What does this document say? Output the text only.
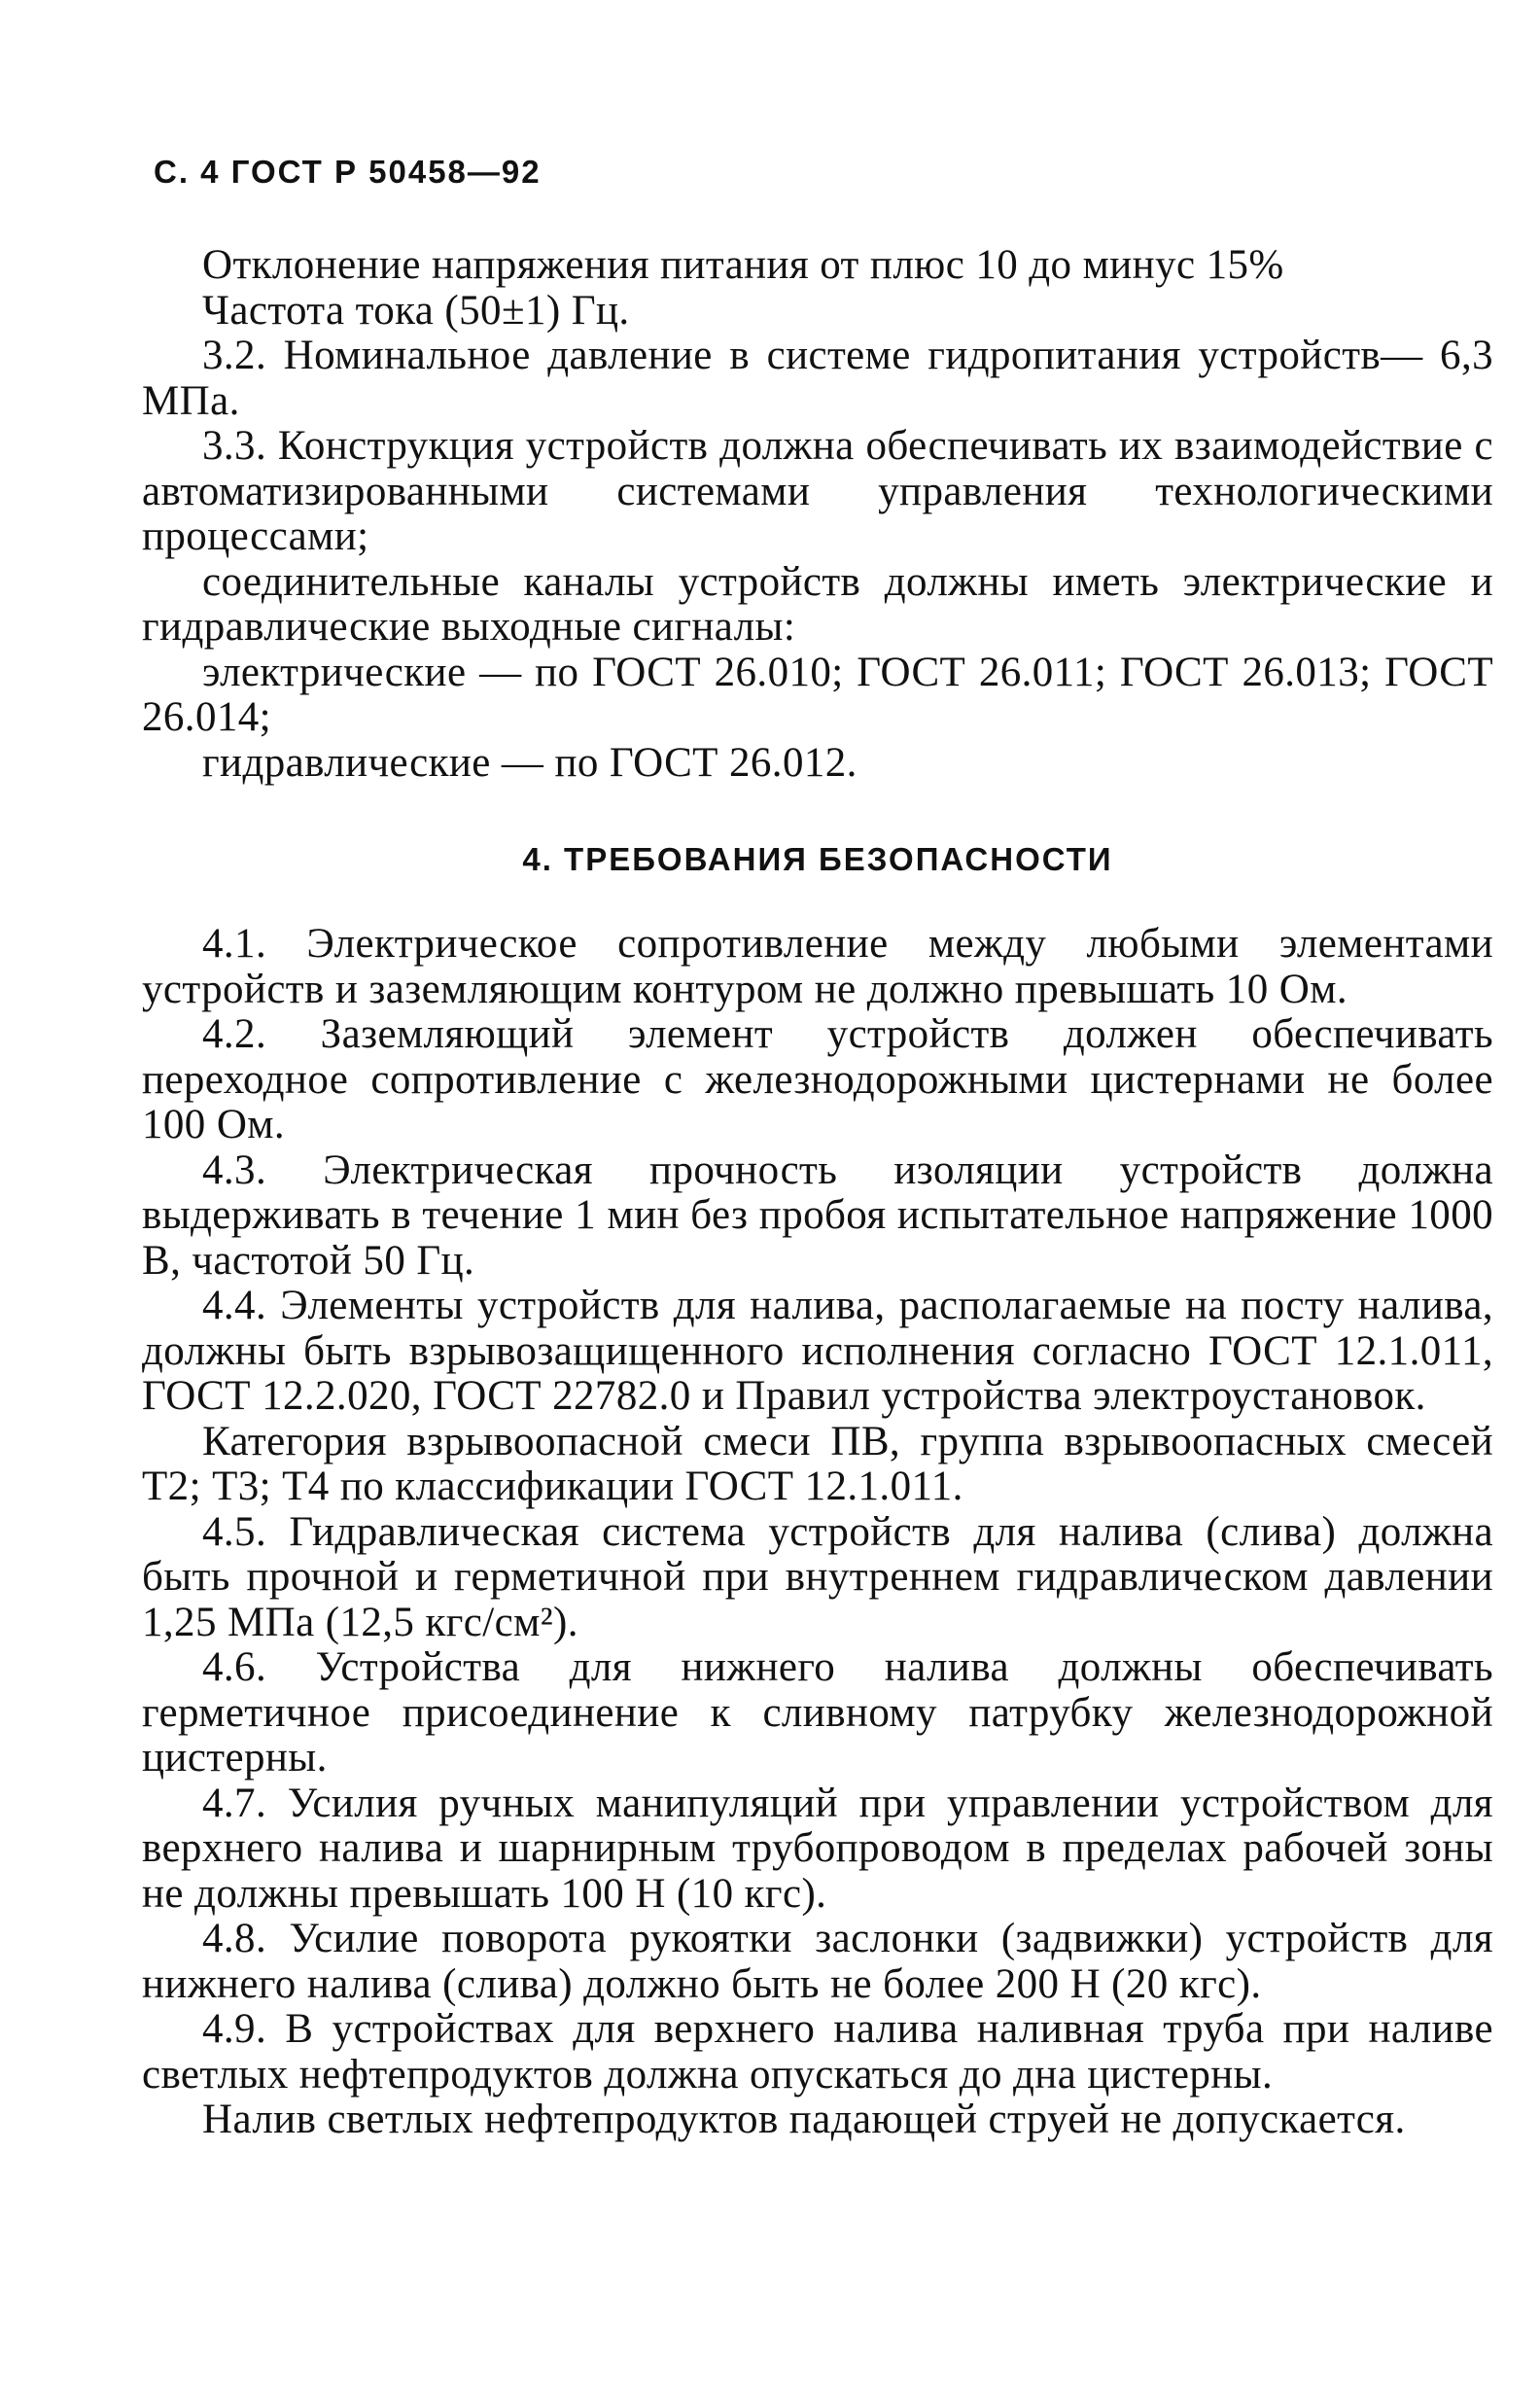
С. 4 ГОСТ Р 50458—92

Отклонение напряжения питания от плюс 10 до минус 15%

Частота тока (50±1) Гц.

3.2. Номинальное давление в системе гидропитания устройств— 6,3 МПа.

3.3. Конструкция устройств должна обеспечивать их взаимодействие с автоматизированными системами управления технологическими процессами;

соединительные каналы устройств должны иметь электрические и гидравлические выходные сигналы:

электрические — по ГОСТ 26.010; ГОСТ 26.011; ГОСТ 26.013; ГОСТ 26.014;

гидравлические — по ГОСТ 26.012.

4. ТРЕБОВАНИЯ БЕЗОПАСНОСТИ

4.1. Электрическое сопротивление между любыми элементами устройств и заземляющим контуром не должно превышать 10 Ом.

4.2. Заземляющий элемент устройств должен обеспечивать переходное сопротивление с железнодорожными цистернами не более 100 Ом.

4.3. Электрическая прочность изоляции устройств должна выдерживать в течение 1 мин без пробоя испытательное напряжение 1000 В, частотой 50 Гц.

4.4. Элементы устройств для налива, располагаемые на посту налива, должны быть взрывозащищенного исполнения согласно ГОСТ 12.1.011, ГОСТ 12.2.020, ГОСТ 22782.0 и Правил устройства электроустановок.

Категория взрывоопасной смеси ПВ, группа взрывоопасных смесей Т2; Т3; Т4 по классификации ГОСТ 12.1.011.

4.5. Гидравлическая система устройств для налива (слива) должна быть прочной и герметичной при внутреннем гидравлическом давлении 1,25 МПа (12,5 кгс/см²).

4.6. Устройства для нижнего налива должны обеспечивать герметичное присоединение к сливному патрубку железнодорожной цистерны.

4.7. Усилия ручных манипуляций при управлении устройством для верхнего налива и шарнирным трубопроводом в пределах рабочей зоны не должны превышать 100 Н (10 кгс).

4.8. Усилие поворота рукоятки заслонки (задвижки) устройств для нижнего налива (слива) должно быть не более 200 Н (20 кгс).

4.9. В устройствах для верхнего налива наливная труба при наливе светлых нефтепродуктов должна опускаться до дна цистерны.

Налив светлых нефтепродуктов падающей струей не допускается.
